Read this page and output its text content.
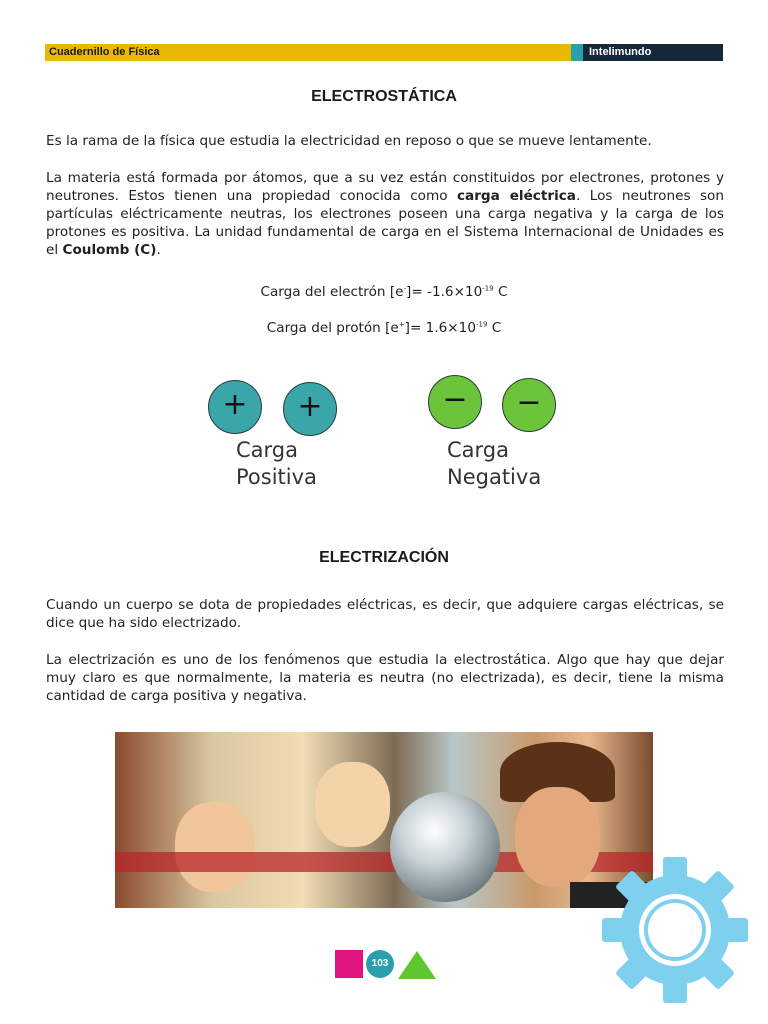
Cuadernillo de Física	Intelimundo
ELECTROSTÁTICA

Es la rama de la física que estudia la electricidad en reposo o que se mueve lentamente.

La materia está formada por átomos, que a su vez están constituidos por electrones, protones y neutrones. Estos tienen una propiedad conocida como carga eléctrica. Los neutrones son partículas eléctricamente neutras, los electrones poseen una carga negativa y la carga de los protones es positiva. La unidad fundamental de carga en el Sistema Internacional de Unidades es el Coulomb (C).

Carga del electrón $[e^-]= -1.6\times 10^{-19}$ C

Carga del protón $[e^+]= 1.6\times 10^{-19}$ C

+	+	−	−
Carga
Positiva
Carga
Negativa
ELECTRIZACIÓN

Cuando un cuerpo se dota de propiedades eléctricas, es decir, que adquiere cargas eléctricas, se dice que ha sido electrizado.

La electrización es uno de los fenómenos que estudia la electrostática. Algo que hay que dejar muy claro es que normalmente, la materia es neutra (no electrizada), es decir, tiene la misma cantidad de carga positiva y negativa.

103
